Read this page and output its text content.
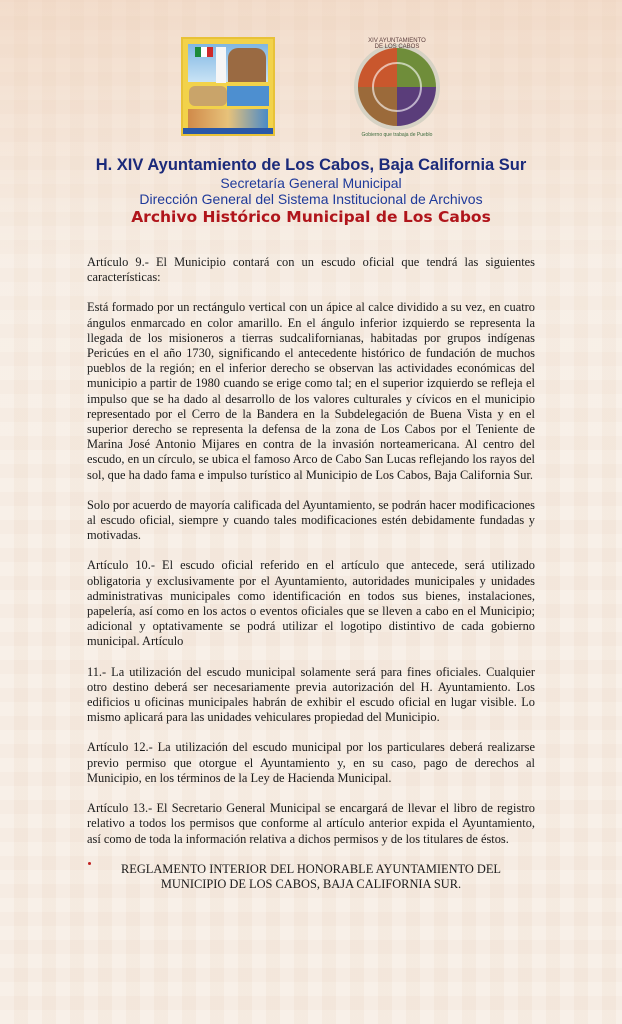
XIV AYUNTAMIENTO DE LOS CABOS
Gobierno que trabaja de Pueblo
H. XIV Ayuntamiento de Los Cabos, Baja California Sur
Secretaría General Municipal
Dirección General del Sistema Institucional de Archivos
Archivo Histórico Municipal de Los Cabos

Artículo 9.- El Municipio contará con un escudo oficial que tendrá las siguientes características:

Está formado por un rectángulo vertical con un ápice al calce dividido a su vez, en cuatro ángulos enmarcado en color amarillo. En el ángulo inferior izquierdo se representa la llegada de los misioneros a tierras sudcalifornianas, habitadas por grupos indígenas Pericúes en el año 1730, significando el antecedente histórico de fundación de muchos pueblos de la región; en el inferior derecho se observan las actividades económicas del municipio a partir de 1980 cuando se erige como tal; en el superior izquierdo se refleja el impulso que se ha dado al desarrollo de los valores culturales y cívicos en el municipio representado por el Cerro de la Bandera en la Subdelegación de Buena Vista y en el superior derecho se representa la defensa de la zona de Los Cabos por el Teniente de Marina José Antonio Mijares en contra de la invasión norteamericana. Al centro del escudo, en un círculo, se ubica el famoso Arco de Cabo San Lucas reflejando los rayos del sol, que ha dado fama e impulso turístico al Municipio de Los Cabos, Baja California Sur.

Solo por acuerdo de mayoría calificada del Ayuntamiento, se podrán hacer modificaciones al escudo oficial, siempre y cuando tales modificaciones estén debidamente fundadas y motivadas.

Artículo 10.- El escudo oficial referido en el artículo que antecede, será utilizado obligatoria y exclusivamente por el Ayuntamiento, autoridades municipales y unidades administrativas municipales como identificación en todos sus bienes, instalaciones, papelería, así como en los actos o eventos oficiales que se lleven a cabo en el Municipio; adicional y optativamente se podrá utilizar el logotipo distintivo de cada gobierno municipal. Artículo

11.- La utilización del escudo municipal solamente será para fines oficiales. Cualquier otro destino deberá ser necesariamente previa autorización del H. Ayuntamiento. Los edificios u oficinas municipales habrán de exhibir el escudo oficial en lugar visible. Lo mismo aplicará para las unidades vehiculares propiedad del Municipio.

Artículo 12.- La utilización del escudo municipal por los particulares deberá realizarse previo permiso que otorgue el Ayuntamiento y, en su caso, pago de derechos al Municipio, en los términos de la Ley de Hacienda Municipal.

Artículo 13.- El Secretario General Municipal se encargará de llevar el libro de registro relativo a todos los permisos que conforme al artículo anterior expida el Ayuntamiento, así como de toda la información relativa a dichos permisos y de los titulares de éstos.

REGLAMENTO INTERIOR DEL HONORABLE AYUNTAMIENTO DEL MUNICIPIO DE LOS CABOS, BAJA CALIFORNIA SUR.
